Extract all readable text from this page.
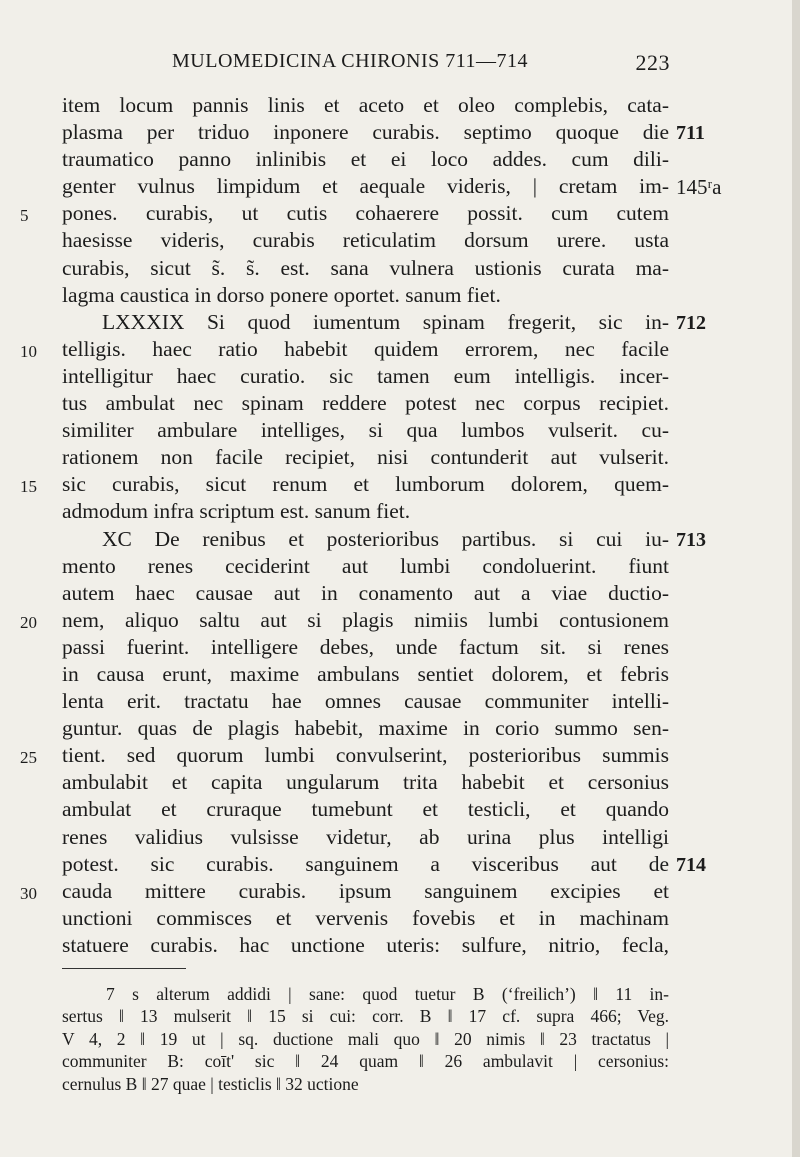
MULOMEDICINA CHIRONIS 711—714	223
item locum pannis linis et aceto et oleo complebis, cata-
plasma per triduo inponere curabis. septimo quoque die 711
traumatico panno inlinibis et ei loco addes. cum dili-
genter vulnus limpidum et aequale videris, | cretam im- 145ʳa
5	pones. curabis, ut cutis cohaerere possit. cum cutem
haesisse videris, curabis reticulatim dorsum urere. usta
curabis, sicut s̃. s̃. est. sana vulnera ustionis curata ma-
lagma caustica in dorso ponere oportet. sanum fiet.
LXXXIX Si quod iumentum spinam fregerit, sic in- 712
10	telligis. haec ratio habebit quidem errorem, nec facile
intelligitur haec curatio. sic tamen eum intelligis. incer-
tus ambulat nec spinam reddere potest nec corpus recipiet.
similiter ambulare intelliges, si qua lumbos vulserit. cu-
rationem non facile recipiet, nisi contunderit aut vulserit.
15	sic curabis, sicut renum et lumborum dolorem, quem-
admodum infra scriptum est. sanum fiet.
XC De renibus et posterioribus partibus. si cui iu- 713
mento renes ceciderint aut lumbi condoluerint. fiunt
autem haec causae aut in conamento aut a viae ductio-
20	nem, aliquo saltu aut si plagis nimiis lumbi contusionem
passi fuerint. intelligere debes, unde factum sit. si renes
in causa erunt, maxime ambulans sentiet dolorem, et febris
lenta erit. tractatu hae omnes causae communiter intelli-
guntur. quas de plagis habebit, maxime in corio summo sen-
25	tient. sed quorum lumbi convulserint, posterioribus summis
ambulabit et capita ungularum trita habebit et cersonius
ambulat et cruraque tumebunt et testicli, et quando
renes validius vulsisse videtur, ab urina plus intelligi
potest. sic curabis. sanguinem a visceribus aut de 714
30	cauda mittere curabis. ipsum sanguinem excipies et
unctioni commisces et vervenis fovebis et in machinam
statuere curabis. hac unctione uteris: sulfure, nitrio, fecla,
7 s alterum addidi | sane: quod tuetur B (‘freilich’) ‖ 11 in-
sertus ‖ 13 mulserit ‖ 15 si cui: corr. B ‖ 17 cf. supra 466; Veg.
V 4, 2 ‖ 19 ut | sq. ductione mali quo ‖ 20 nimis ‖ 23 tractatus |
communiter B: coīt' sic ‖ 24 quam ‖ 26 ambulavit | cersonius:
cernulus B ‖ 27 quae | testiclis ‖ 32 uctione
